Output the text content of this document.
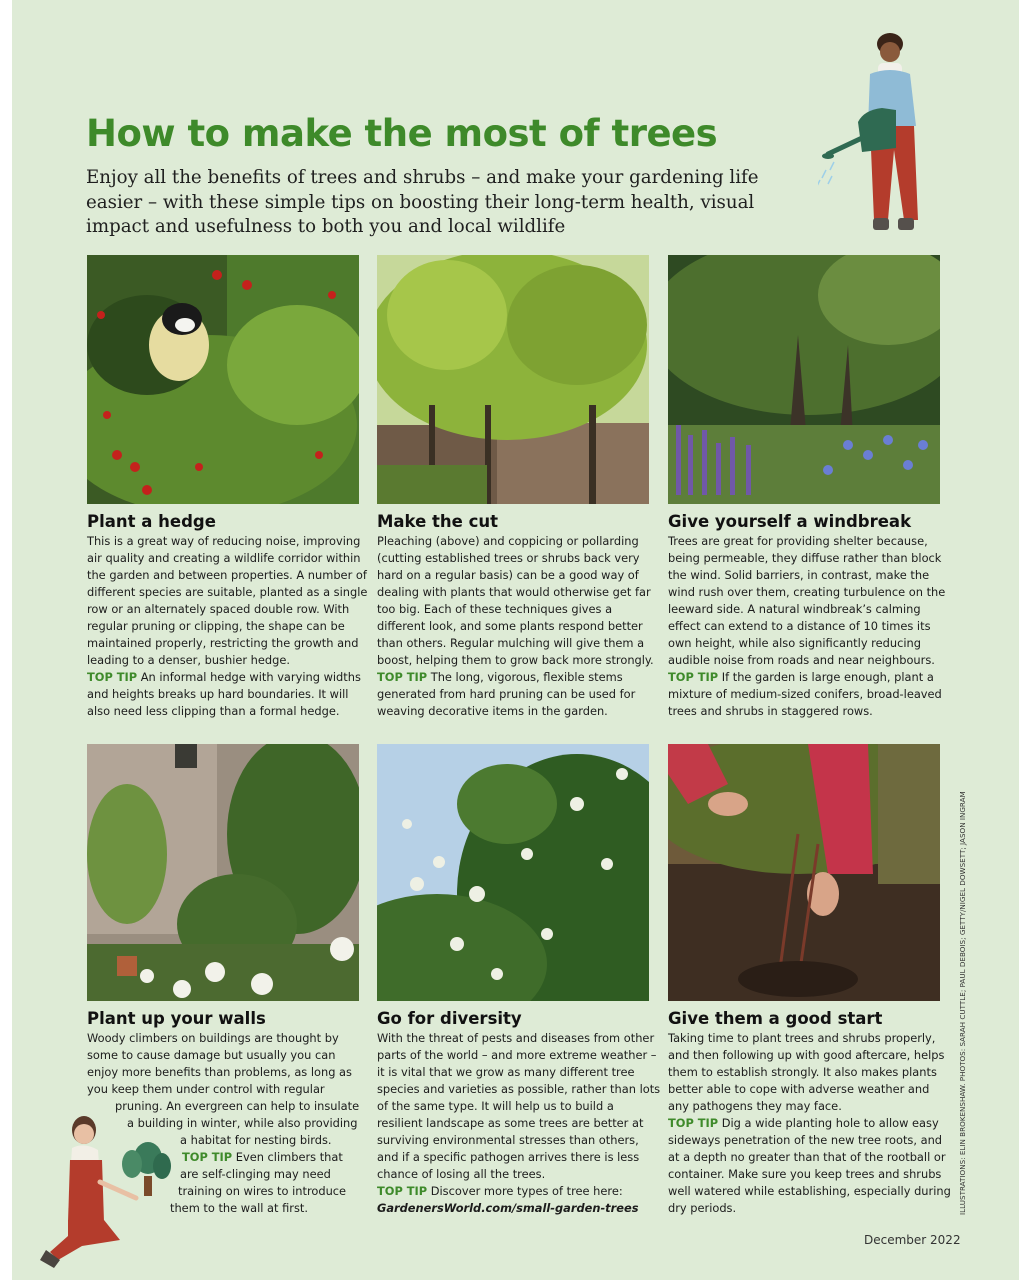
How to make the most of trees
Enjoy all the benefits of trees and shrubs – and make your gardening life easier – with these simple tips on boosting their long-term health, visual impact and usefulness to both you and local wildlife
Plant a hedge	Make the cut	Give yourself a windbreak

This is a great way of reducing noise, improving air quality and creating a wildlife corridor within the garden and between properties. A number of different species are suitable, planted as a single row or an alternately spaced double row. With regular pruning or clipping, the shape can be maintained properly, restricting the growth and leading to a denser, bushier hedge.
TOP TIP An informal hedge with varying widths and heights breaks up hard boundaries. It will also need less clipping than a formal hedge.

Pleaching (above) and coppicing or pollarding (cutting established trees or shrubs back very hard on a regular basis) can be a good way of dealing with plants that would otherwise get far too big. Each of these techniques gives a different look, and some plants respond better than others. Regular mulching will give them a boost, helping them to grow back more strongly.
TOP TIP The long, vigorous, flexible stems generated from hard pruning can be used for weaving decorative items in the garden.

Trees are great for providing shelter because, being permeable, they diffuse rather than block the wind. Solid barriers, in contrast, make the wind rush over them, creating turbulence on the leeward side. A natural windbreak’s calming effect can extend to a distance of 10 times its own height, while also significantly reducing audible noise from roads and near neighbours.
TOP TIP If the garden is large enough, plant a mixture of medium-sized conifers, broad-leaved trees and shrubs in staggered rows.

Plant up your walls	Go for diversity	Give them a good start
Woody climbers on buildings are thought by
some to cause damage but usually you can
enjoy more benefits than problems, as long as
you keep them under control with regular
pruning. An evergreen can help to insulate
a building in winter, while also providing
a habitat for nesting birds.
TOP TIP Even climbers that
are self-clinging may need
training on wires to introduce
them to the wall at first.

With the threat of pests and diseases from other parts of the world – and more extreme weather – it is vital that we grow as many different tree species and varieties as possible, rather than lots of the same type. It will help us to build a resilient landscape as some trees are better at surviving environmental stresses than others, and if a specific pathogen arrives there is less chance of losing all the trees.
TOP TIP Discover more types of tree here:
GardenersWorld.com/small-garden-trees

Taking time to plant trees and shrubs properly, and then following up with good aftercare, helps them to establish strongly. It also makes plants better able to cope with adverse weather and any pathogens they may face.
TOP TIP Dig a wide planting hole to allow easy sideways penetration of the new tree roots, and at a depth no greater than that of the rootball or container. Make sure you keep trees and shrubs well watered while establishing, especially during dry periods.	ILLUSTRATIONS: ELIN BROKENSHAW. PHOTOS: SARAH CUTTLE; PAUL DEBOIS; GETTY/NIGEL DOWSETT; JASON INGRAM
December 2022
